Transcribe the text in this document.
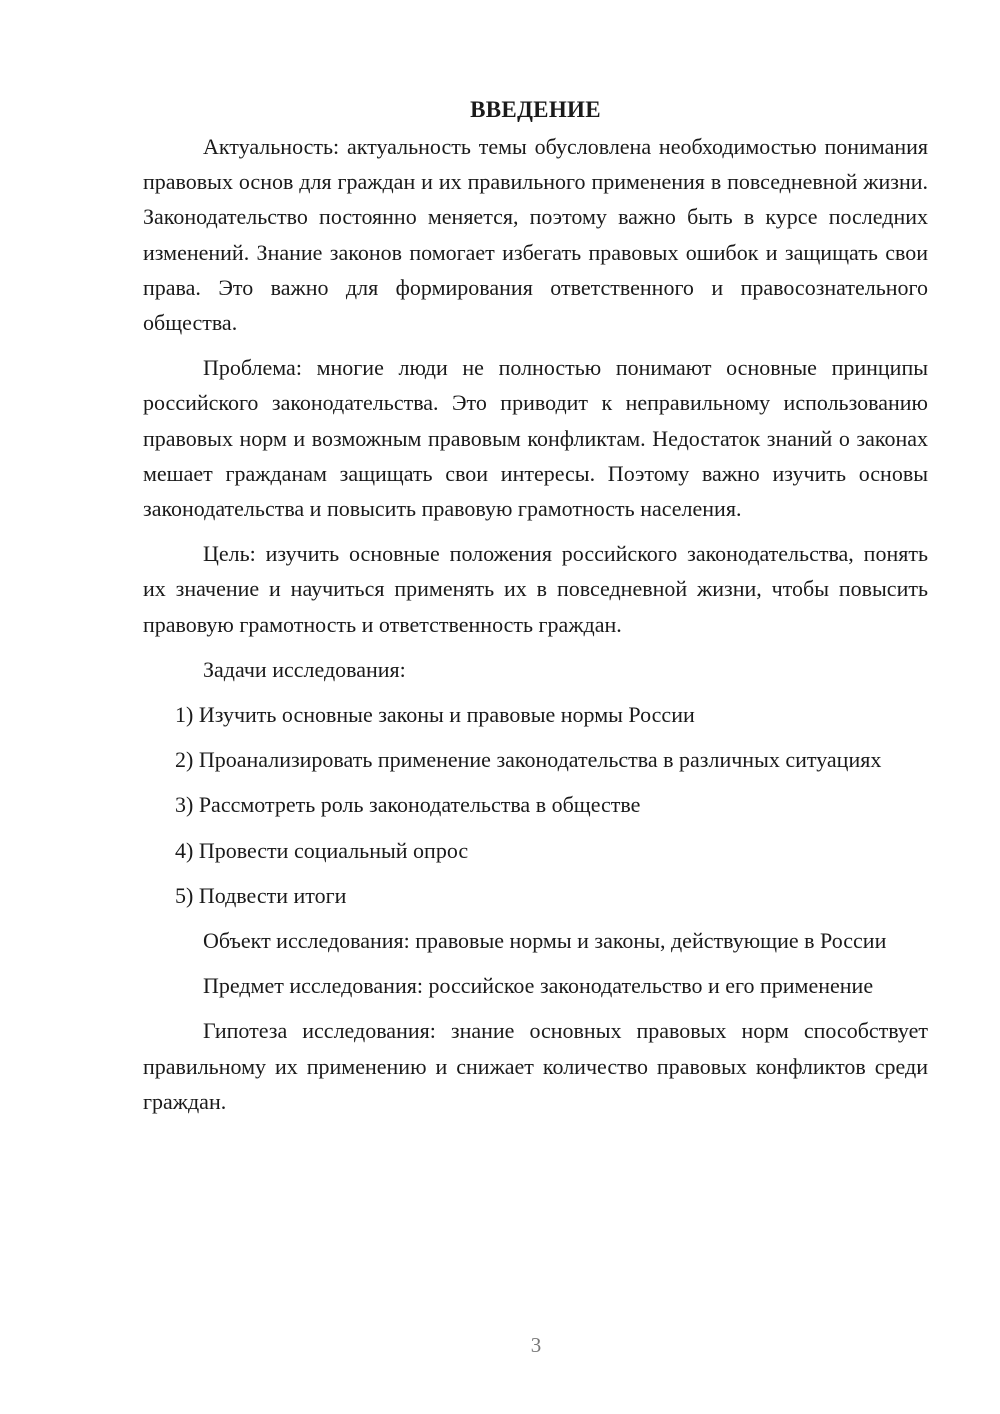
ВВЕДЕНИЕ

Актуальность: актуальность темы обусловлена необходимостью понимания правовых основ для граждан и их правильного применения в повседневной жизни. Законодательство постоянно меняется, поэтому важно быть в курсе последних изменений. Знание законов помогает избегать правовых ошибок и защищать свои права. Это важно для формирования ответственного и правосознательного общества.

Проблема: многие люди не полностью понимают основные принципы российского законодательства. Это приводит к неправильному использованию правовых норм и возможным правовым конфликтам. Недостаток знаний о законах мешает гражданам защищать свои интересы. Поэтому важно изучить основы законодательства и повысить правовую грамотность населения.

Цель: изучить основные положения российского законодательства, понять их значение и научиться применять их в повседневной жизни, чтобы повысить правовую грамотность и ответственность граждан.

Задачи исследования:

1) Изучить основные законы и правовые нормы России

2) Проанализировать применение законодательства в различных ситуациях

3) Рассмотреть роль законодательства в обществе

4) Провести социальный опрос

5) Подвести итоги

Объект исследования: правовые нормы и законы, действующие в России

Предмет исследования: российское законодательство и его применение

Гипотеза исследования: знание основных правовых норм способствует правильному их применению и снижает количество правовых конфликтов среди граждан.

3
